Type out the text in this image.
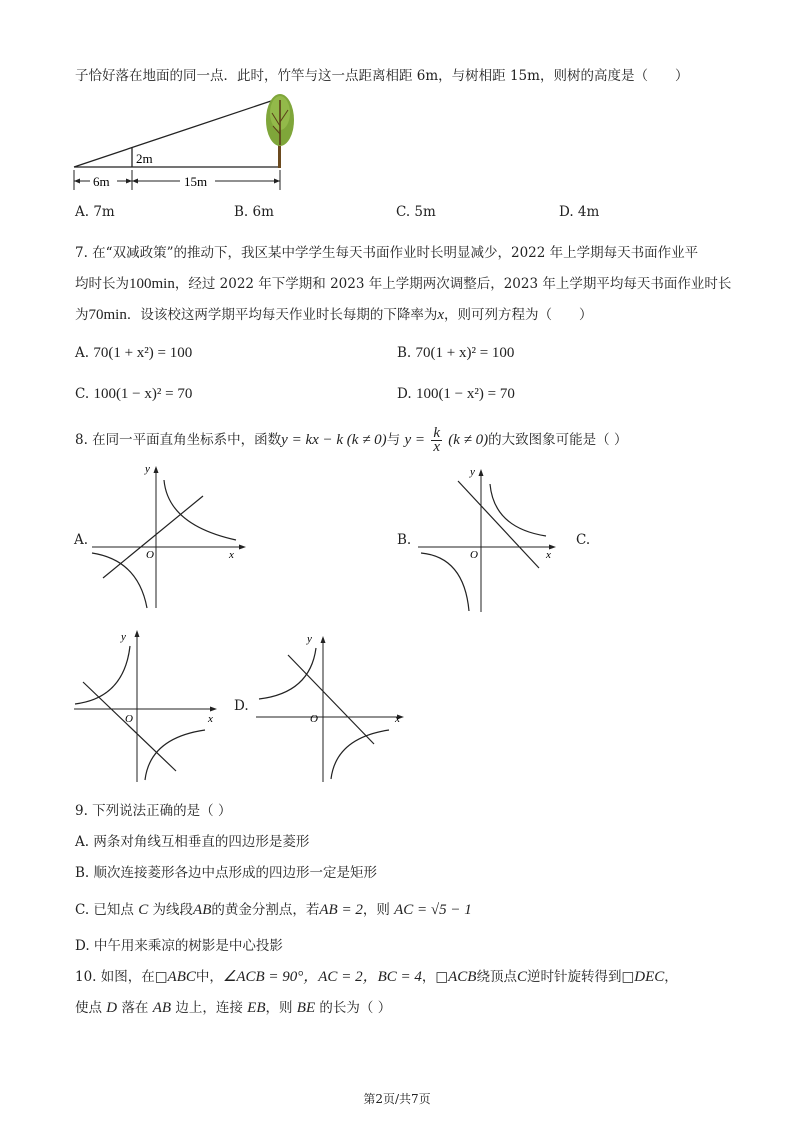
子恰好落在地面的同一点．此时，竹竿与这一点距离相距 6m，与树相距 15m，则树的高度是（　　）
2m
6m	15m
A. 7m	B. 6m	C. 5m	D. 4m
7. 在“双减政策”的推动下，我区某中学学生每天书面作业时长明显减少，2022 年上学期每天书面作业平
均时长为100min，经过 2022 年下学期和 2023 年上学期两次调整后，2023 年上学期平均每天书面作业时长
为70min．设该校这两学期平均每天作业时长每期的下降率为x，则可列方程为（　　）
A. 70(1 + x²) = 100	B. 70(1 + x)² = 100
C. 100(1 − x)² = 70	D. 100(1 − x²) = 70
8. 在同一平面直角坐标系中，函数y = kx − k (k ≠ 0)与 $y = \frac{k}{x} (k \ne 0)$的大致图象可能是（ ）
A.	B.	C.
D.
x
y
O	x
y
O
x
y
O	x
y
O
9. 下列说法正确的是（ ）
A. 两条对角线互相垂直的四边形是菱形
B. 顺次连接菱形各边中点形成的四边形一定是矩形
C. 已知点 C 为线段AB的黄金分割点，若AB = 2，则 AC = √5 − 1
D. 中午用来乘凉的树影是中心投影
10. 如图，在□ABC中，∠ACB = 90°，AC = 2，BC = 4，□ACB绕顶点C逆时针旋转得到□DEC，
使点 D 落在 AB 边上，连接 EB，则 BE 的长为（ ）
第2页/共7页
